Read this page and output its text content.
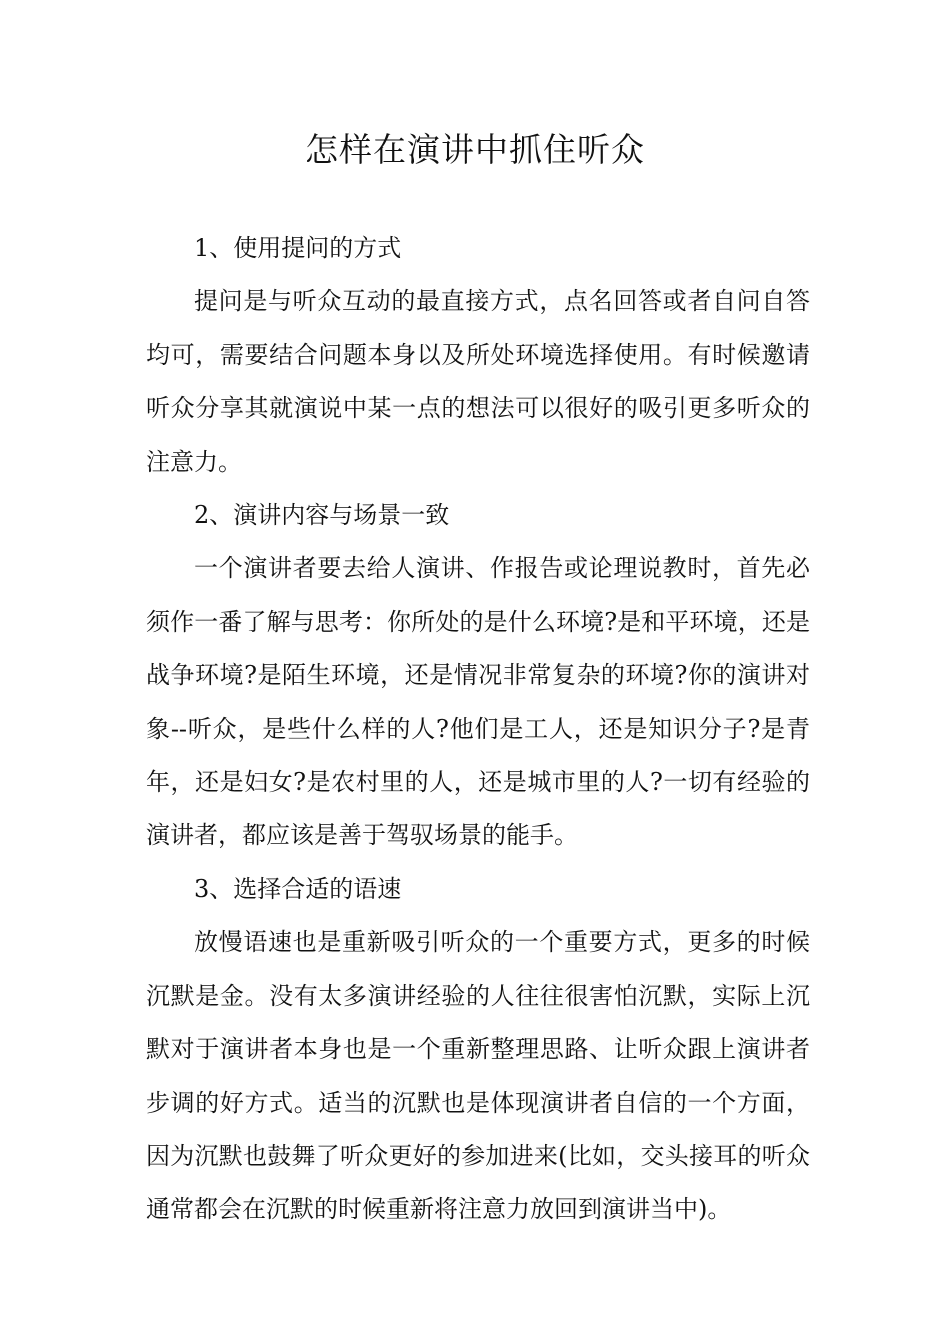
怎样在演讲中抓住听众

1、使用提问的方式

提问是与听众互动的最直接方式，点名回答或者自问自答均可，需要结合问题本身以及所处环境选择使用。有时候邀请听众分享其就演说中某一点的想法可以很好的吸引更多听众的注意力。

2、演讲内容与场景一致

一个演讲者要去给人演讲、作报告或论理说教时，首先必须作一番了解与思考：你所处的是什么环境?是和平环境，还是战争环境?是陌生环境，还是情况非常复杂的环境?你的演讲对象--听众，是些什么样的人?他们是工人，还是知识分子?是青年，还是妇女?是农村里的人，还是城市里的人?一切有经验的演讲者，都应该是善于驾驭场景的能手。

3、选择合适的语速

放慢语速也是重新吸引听众的一个重要方式，更多的时候沉默是金。没有太多演讲经验的人往往很害怕沉默，实际上沉默对于演讲者本身也是一个重新整理思路、让听众跟上演讲者步调的好方式。适当的沉默也是体现演讲者自信的一个方面，因为沉默也鼓舞了听众更好的参加进来(比如，交头接耳的听众通常都会在沉默的时候重新将注意力放回到演讲当中)。
